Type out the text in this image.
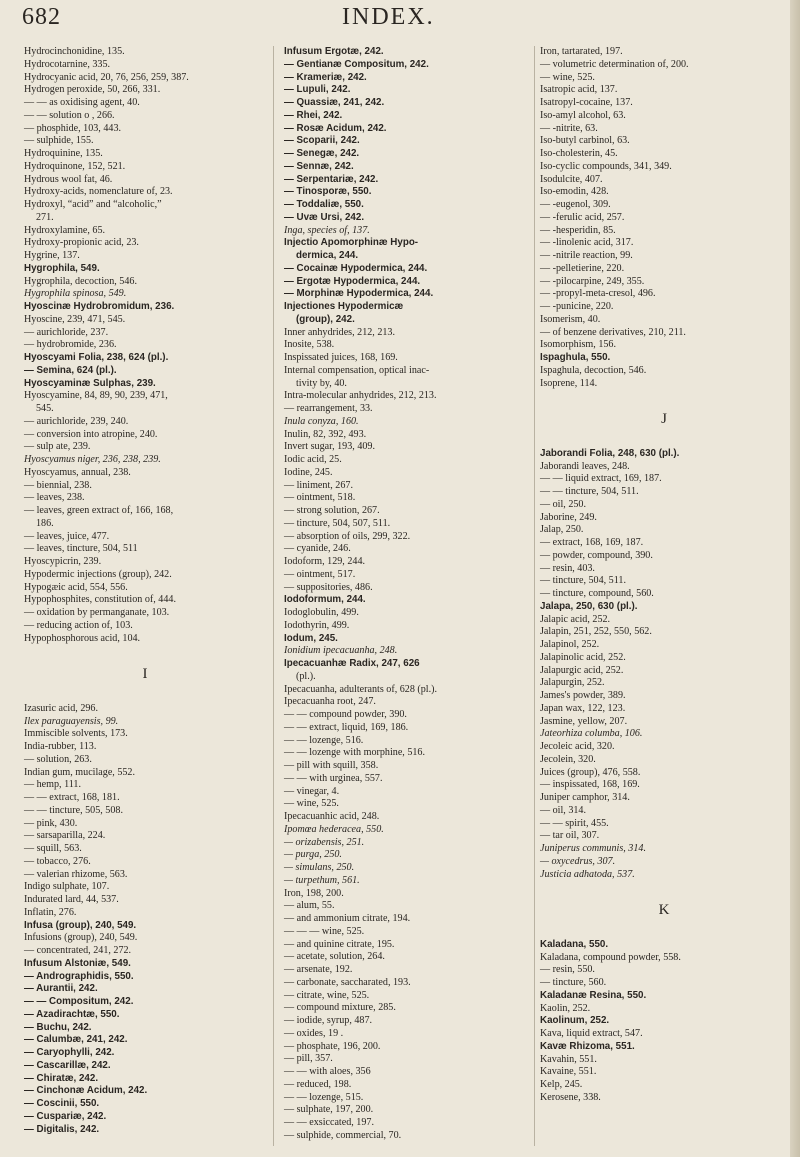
682	INDEX.
Hydrocinchonidine, 135.
Hydrocotarnine, 335.
Hydrocyanic acid, 20, 76, 256, 259, 387.
Hydrogen peroxide, 50, 266, 331.
— — as oxidising agent, 40.
— — solution o , 266.
— phosphide, 103, 443.
— sulphide, 155.
Hydroquinine, 135.
Hydroquinone, 152, 521.
Hydrous wool fat, 46.
Hydroxy-acids, nomenclature of, 23.
Hydroxyl, “acid” and “alcoholic,”
271.
Hydroxylamine, 65.
Hydroxy-propionic acid, 23.
Hygrine, 137.
Hygrophila, 549.
Hygrophila, decoction, 546.
Hygrophila spinosa, 549.
Hyoscinæ Hydrobromidum, 236.
Hyoscine, 239, 471, 545.
— aurichloride, 237.
— hydrobromide, 236.
Hyoscyami Folia, 238, 624 (pl.).
— Semina, 624 (pl.).
Hyoscyaminæ Sulphas, 239.
Hyoscyamine, 84, 89, 90, 239, 471,
545.
— aurichloride, 239, 240.
— conversion into atropine, 240.
— sulp ate, 239.
Hyoscyamus niger, 236, 238, 239.
Hyoscyamus, annual, 238.
— biennial, 238.
— leaves, 238.
— leaves, green extract of, 166, 168,
186.
— leaves, juice, 477.
— leaves, tincture, 504, 511
Hyoscypicrin, 239.
Hypodermic injections (group), 242.
Hypogæic acid, 554, 556.
Hypophosphites, constitution of, 444.
— oxidation by permanganate, 103.
— reducing action of, 103.
Hypophosphorous acid, 104.
I
Izasuric acid, 296.
Ilex paraguayensis, 99.
Immiscible solvents, 173.
India-rubber, 113.
— solution, 263.
Indian gum, mucilage, 552.
— hemp, 111.
— — extract, 168, 181.
— — tincture, 505, 508.
— pink, 430.
— sarsaparilla, 224.
— squill, 563.
— tobacco, 276.
— valerian rhizome, 563.
Indigo sulphate, 107.
Indurated lard, 44, 537.
Inflatin, 276.
Infusa (group), 240, 549.
Infusions (group), 240, 549.
— concentrated, 241, 272.
Infusum Alstoniæ, 549.
— Andrographidis, 550.
— Aurantii, 242.
— — Compositum, 242.
— Azadirachtæ, 550.
— Buchu, 242.
— Calumbæ, 241, 242.
— Caryophylli, 242.
— Cascarillæ, 242.
— Chiratæ, 242.
— Cinchonæ Acidum, 242.
— Coscinii, 550.
— Cuspariæ, 242.
— Digitalis, 242.
Infusum Ergotæ, 242.
— Gentianæ Compositum, 242.
— Krameriæ, 242.
— Lupuli, 242.
— Quassiæ, 241, 242.
— Rhei, 242.
— Rosæ Acidum, 242.
— Scoparii, 242.
— Senegæ, 242.
— Sennæ, 242.
— Serpentariæ, 242.
— Tinosporæ, 550.
— Toddaliæ, 550.
— Uvæ Ursi, 242.
Inga, species of, 137.
Injectio Apomorphinæ Hypo-
dermica, 244.
— Cocainæ Hypodermica, 244.
— Ergotæ Hypodermica, 244.
— Morphinæ Hypodermica, 244.
Injectiones Hypodermicæ
(group), 242.
Inner anhydrides, 212, 213.
Inosite, 538.
Inspissated juices, 168, 169.
Internal compensation, optical inac-
tivity by, 40.
Intra-molecular anhydrides, 212, 213.
— rearrangement, 33.
Inula conyza, 160.
Inulin, 82, 392, 493.
Invert sugar, 193, 409.
Iodic acid, 25.
Iodine, 245.
— liniment, 267.
— ointment, 518.
— strong solution, 267.
— tincture, 504, 507, 511.
— absorption of oils, 299, 322.
— cyanide, 246.
Iodoform, 129, 244.
— ointment, 517.
— suppositories, 486.
Iodoformum, 244.
Iodoglobulin, 499.
Iodothyrin, 499.
Iodum, 245.
Ionidium ipecacuanha, 248.
Ipecacuanhæ Radix, 247, 626
(pl.).
Ipecacuanha, adulterants of, 628 (pl.).
Ipecacuanha root, 247.
— — compound powder, 390.
— — extract, liquid, 169, 186.
— — lozenge, 516.
— — lozenge with morphine, 516.
— pill with squill, 358.
— — with urginea, 557.
— vinegar, 4.
— wine, 525.
Ipecacuanhic acid, 248.
Ipomœa hederacea, 550.
— orizabensis, 251.
— purga, 250.
— simulans, 250.
— turpethum, 561.
Iron, 198, 200.
— alum, 55.
— and ammonium citrate, 194.
— — — wine, 525.
— and quinine citrate, 195.
— acetate, solution, 264.
— arsenate, 192.
— carbonate, saccharated, 193.
— citrate, wine, 525.
— compound mixture, 285.
— iodide, syrup, 487.
— oxides, 19 .
— phosphate, 196, 200.
— pill, 357.
— — with aloes, 356
— reduced, 198.
— — lozenge, 515.
— sulphate, 197, 200.
— — exsiccated, 197.
— sulphide, commercial, 70.
Iron, tartarated, 197.
— volumetric determination of, 200.
— wine, 525.
Isatropic acid, 137.
Isatropyl-cocaine, 137.
Iso-amyl alcohol, 63.
— -nitrite, 63.
Iso-butyl carbinol, 63.
Iso-cholesterin, 45.
Iso-cyclic compounds, 341, 349.
Isodulcite, 407.
Iso-emodin, 428.
— -eugenol, 309.
— -ferulic acid, 257.
— -hesperidin, 85.
— -linolenic acid, 317.
— -nitrile reaction, 99.
— -pelletierine, 220.
— -pilocarpine, 249, 355.
— -propyl-meta-cresol, 496.
— -punicine, 220.
Isomerism, 40.
— of benzene derivatives, 210, 211.
Isomorphism, 156.
Ispaghula, 550.
Ispaghula, decoction, 546.
Isoprene, 114.
J
Jaborandi Folia, 248, 630 (pl.).
Jaborandi leaves, 248.
— — liquid extract, 169, 187.
— — tincture, 504, 511.
— oil, 250.
Jaborine, 249.
Jalap, 250.
— extract, 168, 169, 187.
— powder, compound, 390.
— resin, 403.
— tincture, 504, 511.
— tincture, compound, 560.
Jalapa, 250, 630 (pl.).
Jalapic acid, 252.
Jalapin, 251, 252, 550, 562.
Jalapinol, 252.
Jalapinolic acid, 252.
Jalapurgic acid, 252.
Jalapurgin, 252.
James's powder, 389.
Japan wax, 122, 123.
Jasmine, yellow, 207.
Jateorhiza columba, 106.
Jecoleic acid, 320.
Jecolein, 320.
Juices (group), 476, 558.
— inspissated, 168, 169.
Juniper camphor, 314.
— oil, 314.
— — spirit, 455.
— tar oil, 307.
Juniperus communis, 314.
— oxycedrus, 307.
Justicia adhatoda, 537.
K
Kaladana, 550.
Kaladana, compound powder, 558.
— resin, 550.
— tincture, 560.
Kaladanæ Resina, 550.
Kaolin, 252.
Kaolinum, 252.
Kava, liquid extract, 547.
Kavæ Rhizoma, 551.
Kavahin, 551.
Kavaine, 551.
Kelp, 245.
Kerosene, 338.
